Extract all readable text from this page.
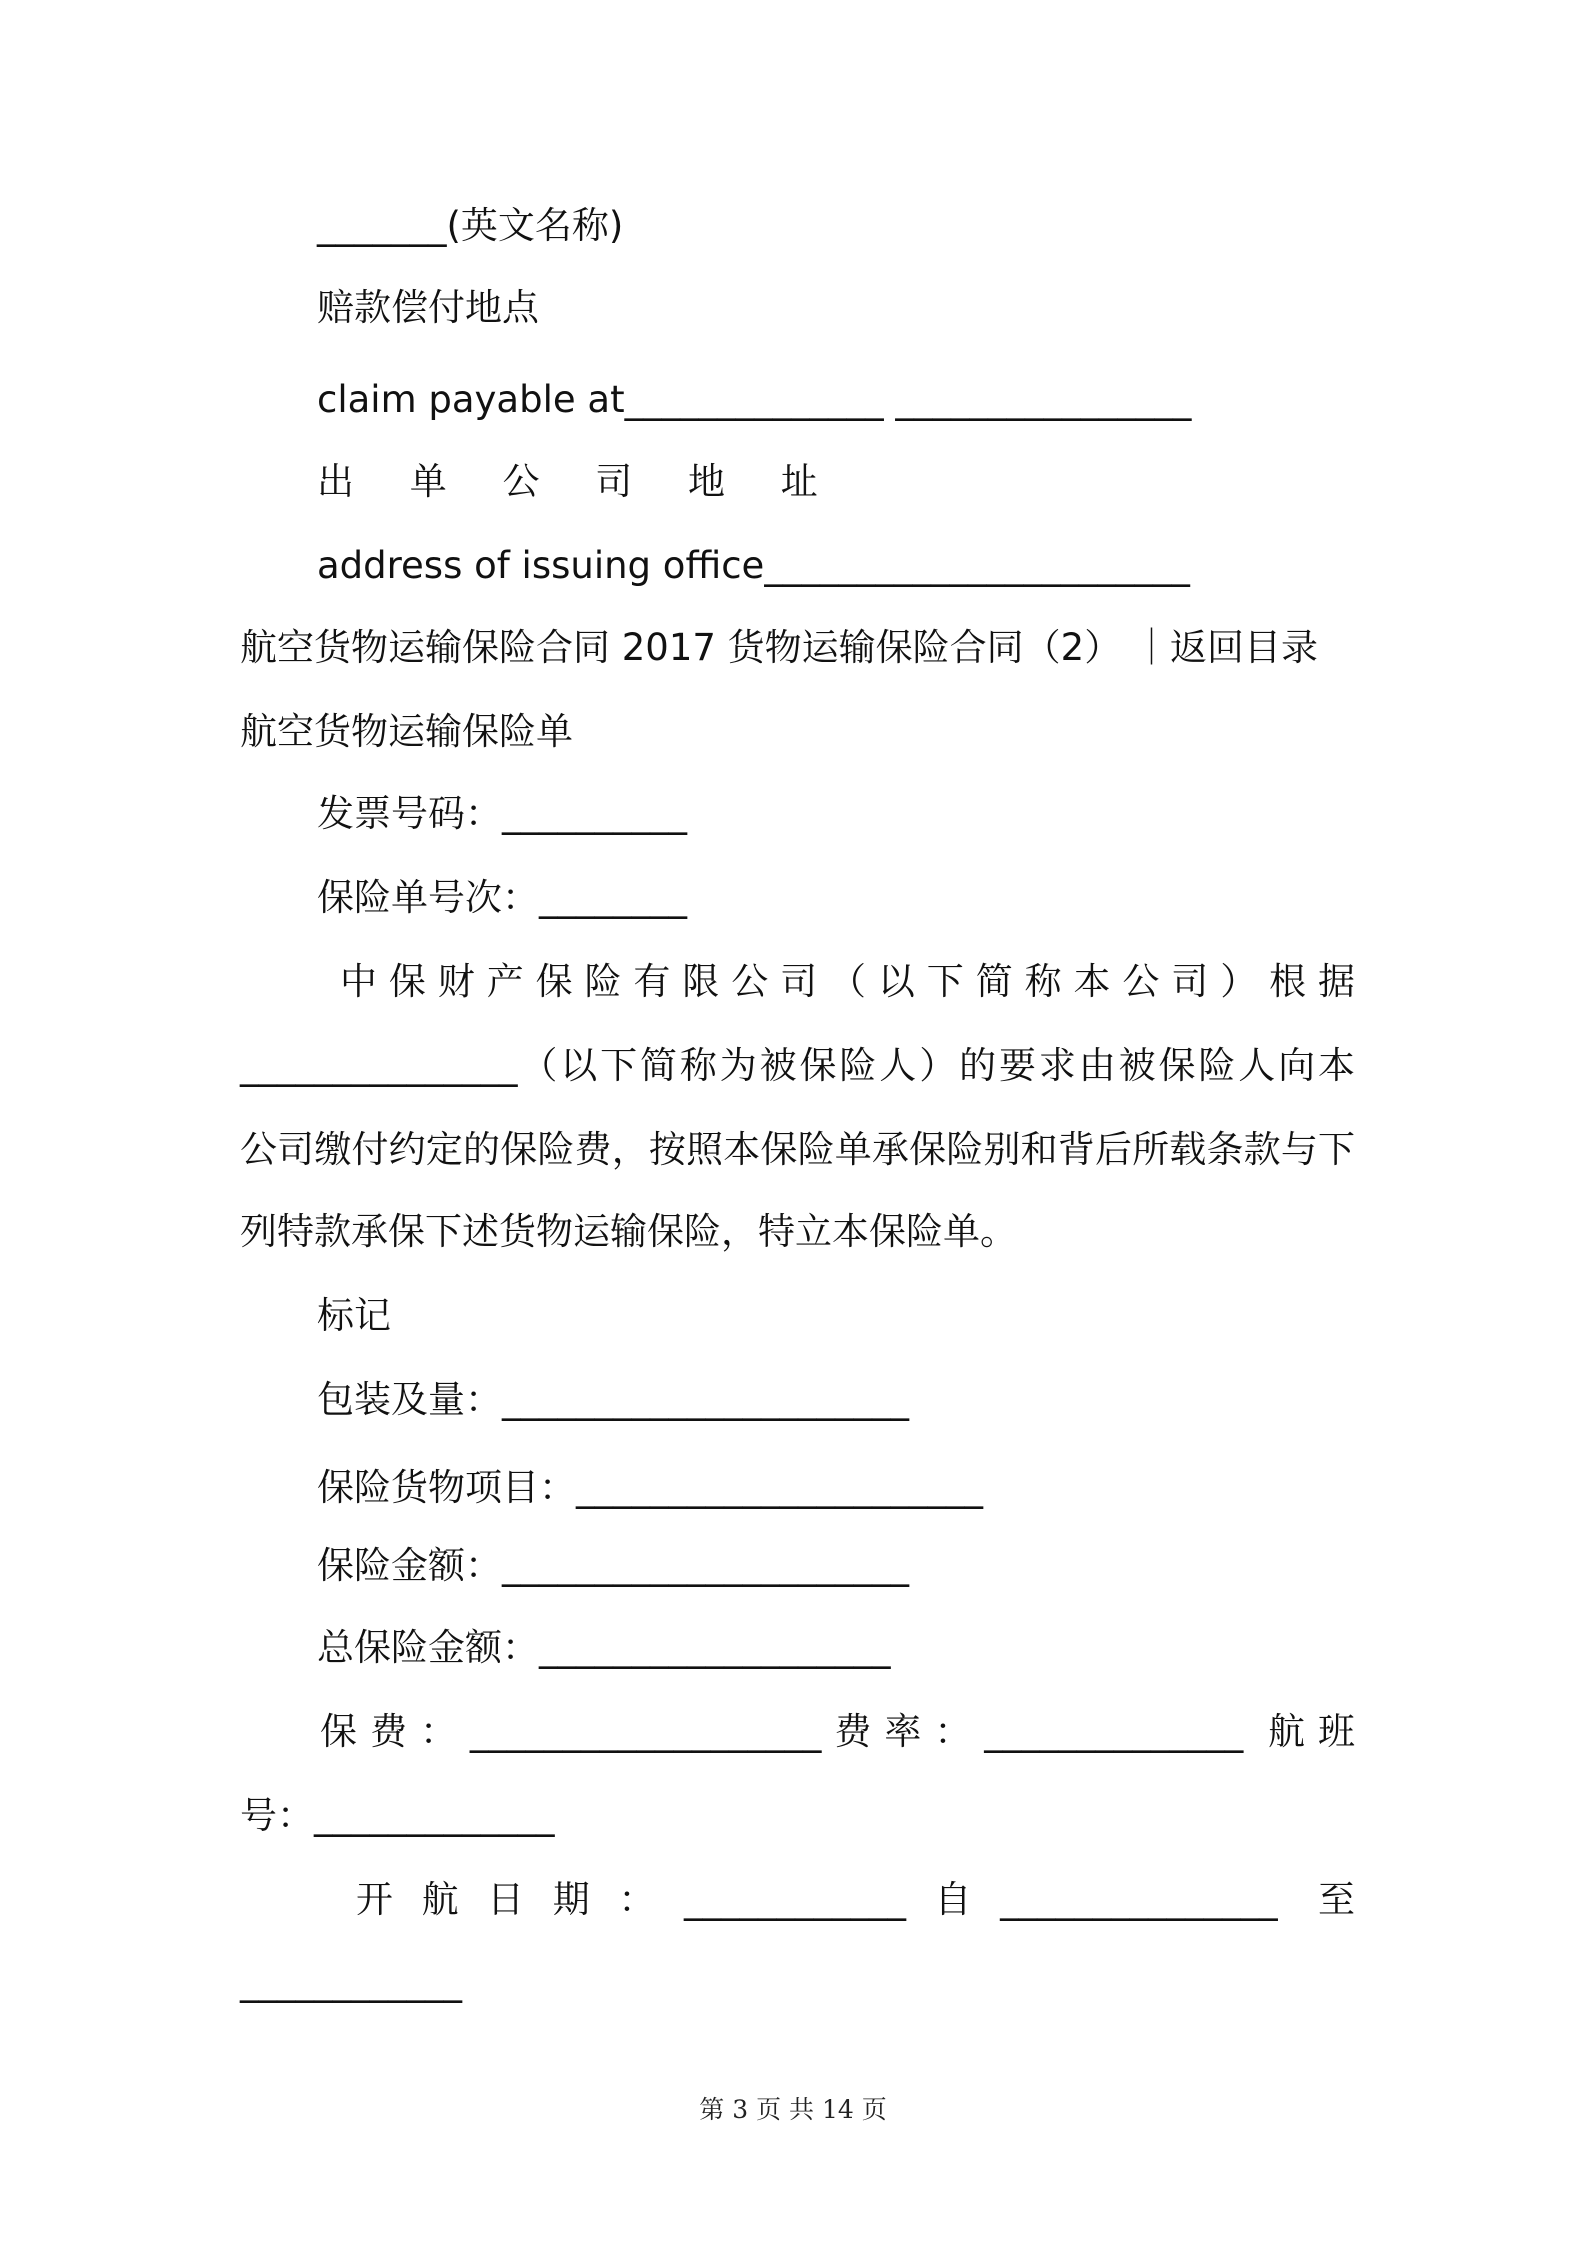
_______(英文名称)
赔款偿付地点
claim payable at______________ ________________
出 单 公 司 地 址
address of issuing office_______________________
航空货物运输保险合同 2017 货物运输保险合同（2） ｜返回目录
航空货物运输保险单
发票号码：__________
保险单号次：________
中保财产保险有限公司（以下简称本公司）根据
_______________（以下简称为被保险人）的要求由被保险人向本
公司缴付约定的保险费，按照本保险单承保险别和背后所载条款与下
列特款承保下述货物运输保险，特立本保险单。
标记
包装及量：______________________
保险货物项目：______________________
保险金额：______________________
总保险金额：___________________
保费：___________________费率：______________ 航班
号：_____________
开航日期：____________自_______________ 至
____________
第 3 页 共 14 页
